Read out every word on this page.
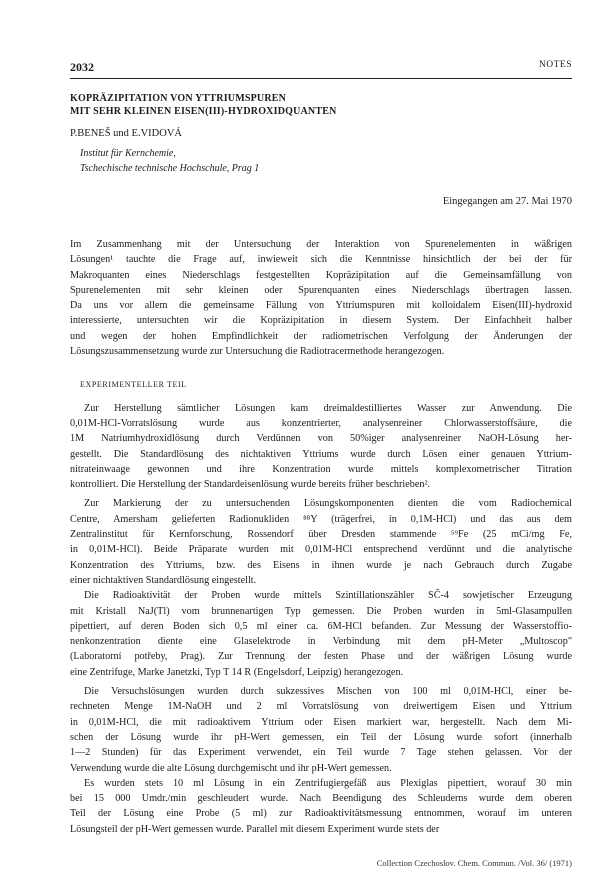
2032	NOTES
KOPRÄZIPITATION VON YTTRIUMSPUREN
MIT SEHR KLEINEN EISEN(III)-HYDROXIDQUANTEN
P.BENEŠ und E.VIDOVÁ
Institut für Kernchemie,
Tschechische technische Hochschule, Prag 1
Eingegangen am 27. Mai 1970

Im Zusammenhang mit der Untersuchung der Interaktion von Spurenelementen in wäßrigen
Lösungen¹ tauchte die Frage auf, inwieweit sich die Kenntnisse hinsichtlich der bei der für
Makroquanten eines Niederschlags festgestellten Kopräzipitation auf die Gemeinsamfällung von
Spurenelementen mit sehr kleinen oder Spurenquanten eines Niederschlags übertragen lassen.
Da uns vor allem die gemeinsame Fällung von Yttriumspuren mit kolloidalem Eisen(III)-hydroxid
interessierte, untersuchten wir die Kopräzipitation in diesem System. Der Einfachheit halber
und wegen der hohen Empfindlichkeit der radiometrischen Verfolgung der Änderungen der
Lösungszusammensetzung wurde zur Untersuchung die Radiotracermethode herangezogen.

EXPERIMENTELLER TEIL

Zur Herstellung sämtlicher Lösungen kam dreimaldestilliertes Wasser zur Anwendung. Die
0,01M-HCl-Vorratslösung wurde aus konzentrierter, analysenreiner Chlorwasserstoffsäure, die
1M Natriumhydroxidlösung durch Verdünnen von 50%iger analysenreiner NaOH-Lösung her-
gestellt. Die Standardlösung des nichtaktiven Yttriums wurde durch Lösen einer genauen Yttrium-
nitrateinwaage gewonnen und ihre Konzentration wurde mittels komplexometrischer Titration
kontrolliert. Die Herstellung der Standardeisenlösung wurde bereits früher beschrieben².

Zur Markierung der zu untersuchenden Lösungskomponenten dienten die vom Radiochemical
Centre, Amersham gelieferten Radionukliden ⁸⁸Y (trägerfrei, in 0,1M-HCl) und das aus dem
Zentralinstitut für Kernforschung, Rossendorf über Dresden stammende ⁵⁹Fe (25 mCi/mg Fe,
in 0,01M-HCl). Beide Präparate wurden mit 0,01M-HCl entsprechend verdünnt und die analytische
Konzentration des Yttriums, bzw. des Eisens in ihnen wurde je nach Gebrauch durch Zugabe
einer nichtaktiven Standardlösung eingestellt.

Die Radioaktivität der Proben wurde mittels Szintillationszähler SČ-4 sowjetischer Erzeugung
mit Kristall NaJ(Tl) vom brunnenartigen Typ gemessen. Die Proben wurden in 5ml-Glasampullen
pipettiert, auf deren Boden sich 0,5 ml einer ca. 6M-HCl befanden. Zur Messung der Wasserstoffio-
nenkonzentration diente eine Glaselektrode in Verbindung mit dem pH-Meter „Multoscop"
(Laboratorní potřeby, Prag). Zur Trennung der festen Phase und der wäßrigen Lösung wurde
eine Zentrifuge, Marke Janetzki, Typ T 14 R (Engelsdorf, Leipzig) herangezogen.

Die Versuchslösungen wurden durch sukzessives Mischen von 100 ml 0,01M-HCl, einer be-
rechneten Menge 1M-NaOH und 2 ml Vorratslösung von dreiwertigem Eisen und Yttrium
in 0,01M-HCl, die mit radioaktivem Yttrium oder Eisen markiert war, hergestellt. Nach dem Mi-
schen der Lösung wurde ihr pH-Wert gemessen, ein Teil der Lösung wurde sofort (innerhalb
1—2 Stunden) für das Experiment verwendet, ein Teil wurde 7 Tage stehen gelassen. Vor der
Verwendung wurde die alte Lösung durchgemischt und ihr pH-Wert gemessen.

Es wurden stets 10 ml Lösung in ein Zentrifugiergefäß aus Plexiglas pipettiert, worauf 30 min
bei 15 000 Umdr./min geschleudert wurde. Nach Beendigung des Schleuderns wurde dem oberen
Teil der Lösung eine Probe (5 ml) zur Radioaktivitätsmessung entnommen, worauf im unteren
Lösungsteil der pH-Wert gemessen wurde. Parallel mit diesem Experiment wurde stets der

Collection Czechoslov. Chem. Commun. /Vol. 36/ (1971)
